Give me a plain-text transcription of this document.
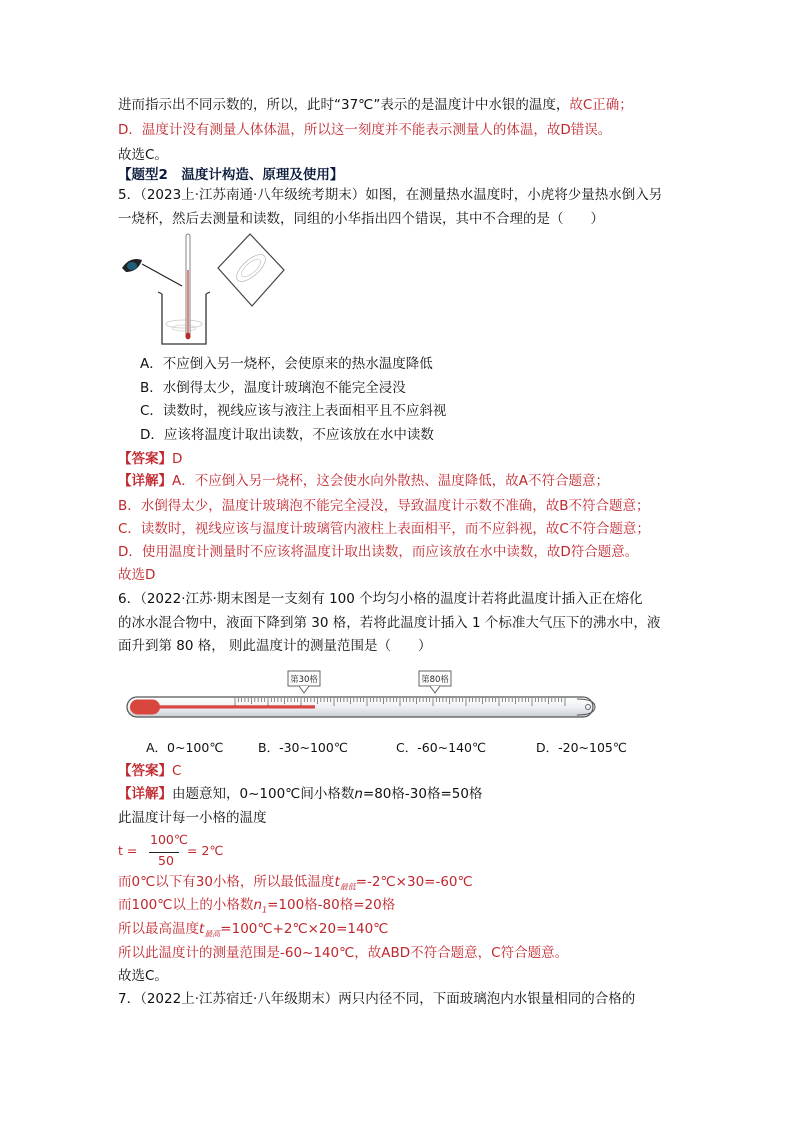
进而指示出不同示数的，所以，此时“37℃”表示的是温度计中水银的温度，故C正确；
D．温度计没有测量人体体温，所以这一刻度并不能表示测量人的体温，故D错误。
故选C。
【题型2　温度计构造、原理及使用】
5．（2023上·江苏南通·八年级统考期末）如图，在测量热水温度时，小虎将少量热水倒入另
一烧杯，然后去测量和读数，同组的小华指出四个错误，其中不合理的是（　　）
A．不应倒入另一烧杯，会使原来的热水温度降低
B．水倒得太少，温度计玻璃泡不能完全浸没
C．读数时，视线应该与液注上表面相平且不应斜视
D．应该将温度计取出读数，不应该放在水中读数
【答案】D
【详解】A．不应倒入另一烧杯，这会使水向外散热、温度降低，故A不符合题意；
B．水倒得太少，温度计玻璃泡不能完全浸没，导致温度计示数不准确，故B不符合题意；
C．读数时，视线应该与温度计玻璃管内液柱上表面相平，而不应斜视，故C不符合题意；
D．使用温度计测量时不应该将温度计取出读数，而应该放在水中读数，故D符合题意。
故选D
6．（2022·江苏·期末图是一支刻有 100 个均匀小格的温度计若将此温度计插入正在熔化
的冰水混合物中，液面下降到第 30 格，若将此温度计插入 1 个标准大气压下的沸水中，液
面升到第 80 格， 则此温度计的测量范围是（　　）
第30格	第80格
A．0~100℃	B．-30~100℃	C．-60~140℃	D．-20~105℃
【答案】C
【详解】由题意知，0~100℃间小格数n=80格-30格=50格
此温度计每一小格的温度
t =
100℃
50
= 2℃
而0℃以下有30小格，所以最低温度$t_{最低}=-2℃\times 30=-60℃$
而100℃以上的小格数$n_1=100$格-80格=20格
所以最高温度$t_{最高}=100℃+2℃\times 20=140℃$
所以此温度计的测量范围是-60~140℃，故ABD不符合题意，C符合题意。
故选C。
7．（2022上·江苏宿迁·八年级期末）两只内径不同，下面玻璃泡内水银量相同的合格的
